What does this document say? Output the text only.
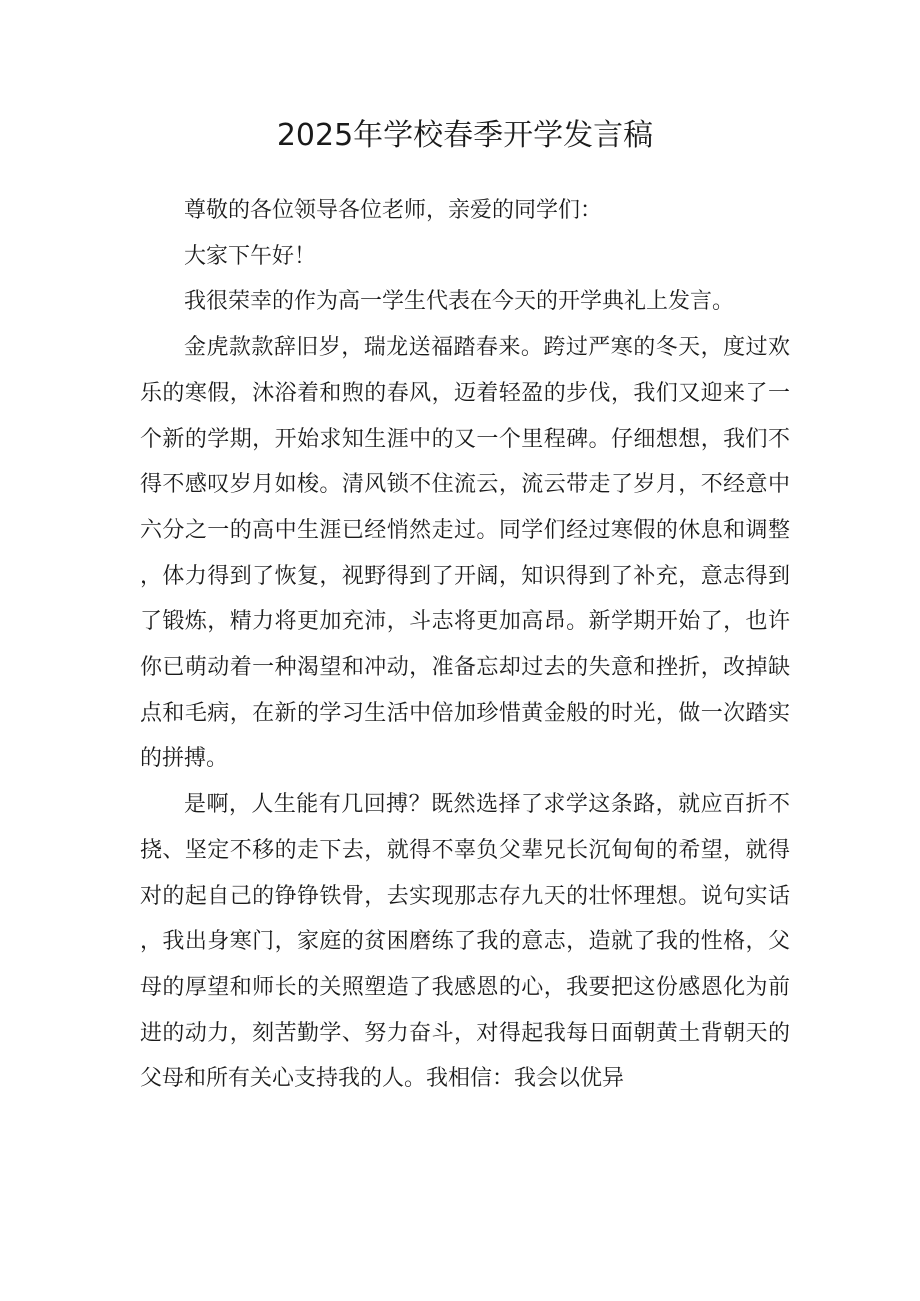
2025年学校春季开学发言稿

尊敬的各位领导各位老师，亲爱的同学们：

大家下午好！

我很荣幸的作为高一学生代表在今天的开学典礼上发言。

金虎款款辞旧岁，瑞龙送福踏春来。跨过严寒的冬天，度过欢乐的寒假，沐浴着和煦的春风，迈着轻盈的步伐，我们又迎来了一个新的学期，开始求知生涯中的又一个里程碑。仔细想想，我们不得不感叹岁月如梭。清风锁不住流云，流云带走了岁月，不经意中六分之一的高中生涯已经悄然走过。同学们经过寒假的休息和调整，体力得到了恢复，视野得到了开阔，知识得到了补充，意志得到了锻炼，精力将更加充沛，斗志将更加高昂。新学期开始了，也许你已萌动着一种渴望和冲动，准备忘却过去的失意和挫折，改掉缺点和毛病，在新的学习生活中倍加珍惜黄金般的时光，做一次踏实的拼搏。

是啊，人生能有几回搏？既然选择了求学这条路，就应百折不挠、坚定不移的走下去，就得不辜负父辈兄长沉甸甸的希望，就得对的起自己的铮铮铁骨，去实现那志存九天的壮怀理想。说句实话，我出身寒门，家庭的贫困磨练了我的意志，造就了我的性格，父母的厚望和师长的关照塑造了我感恩的心，我要把这份感恩化为前进的动力，刻苦勤学、努力奋斗，对得起我每日面朝黄土背朝天的父母和所有关心支持我的人。我相信：我会以优异
